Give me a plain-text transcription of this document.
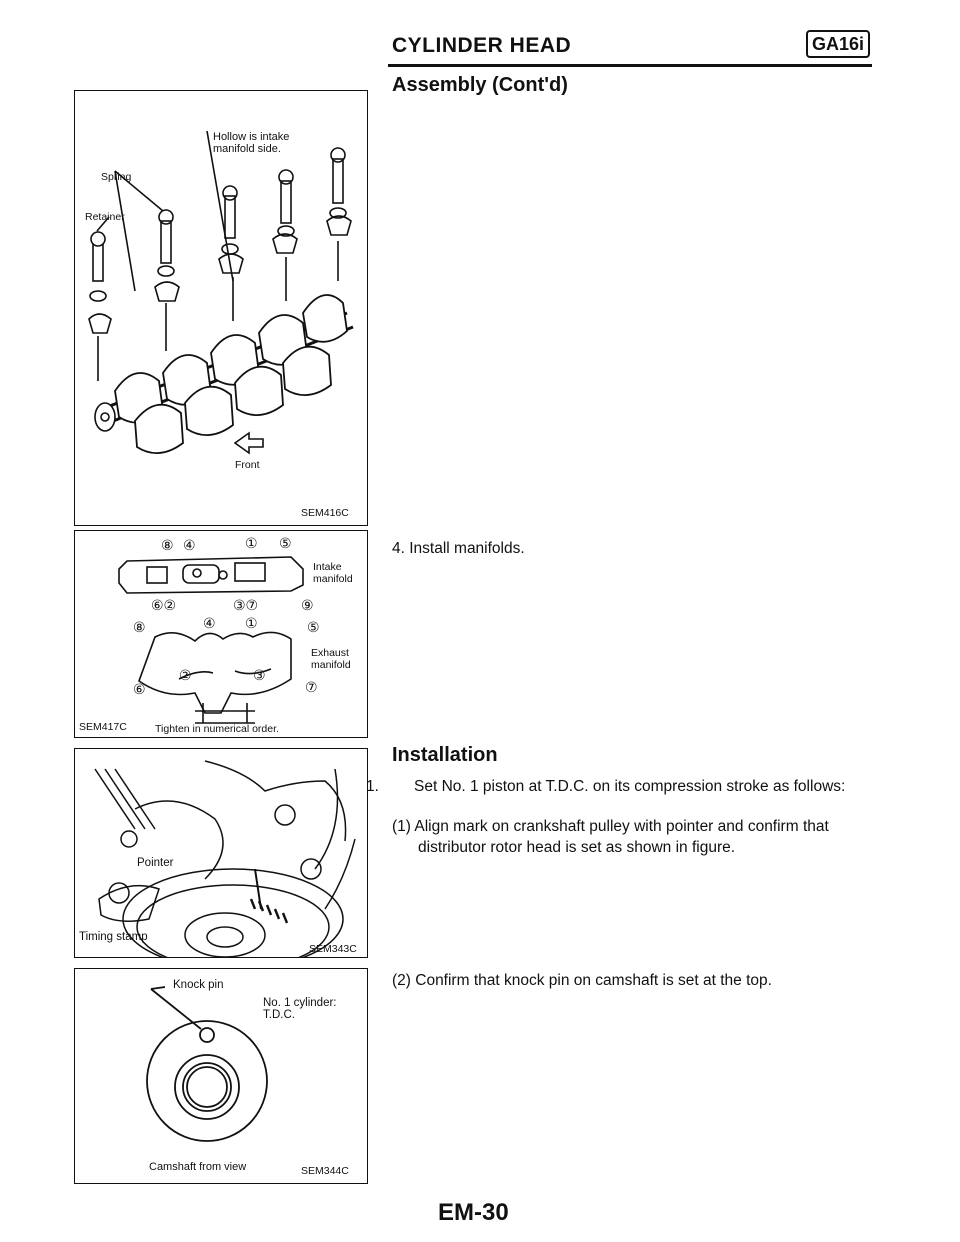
CYLINDER HEAD	GA16i
Assembly (Cont'd)
Hollow is intake manifold side.
Spring
Retainer
Front
SEM416C
⑧ ④	① ⑤
⑥②	③⑦	⑨
Intake manifold
⑧	④ ①	⑤
⑥
②	③
⑦
Exhaust manifold
SEM417C	Tighten in numerical order.
Pointer
Timing stamp
SEM343C
Knock pin
No. 1 cylinder: T.D.C.
Camshaft from view	SEM344C
4. Install manifolds.
Installation
1. Set No. 1 piston at T.D.C. on its compression stroke as follows:
(1) Align mark on crankshaft pulley with pointer and confirm that distributor rotor head is set as shown in figure.
(2) Confirm that knock pin on camshaft is set at the top.
EM-30
